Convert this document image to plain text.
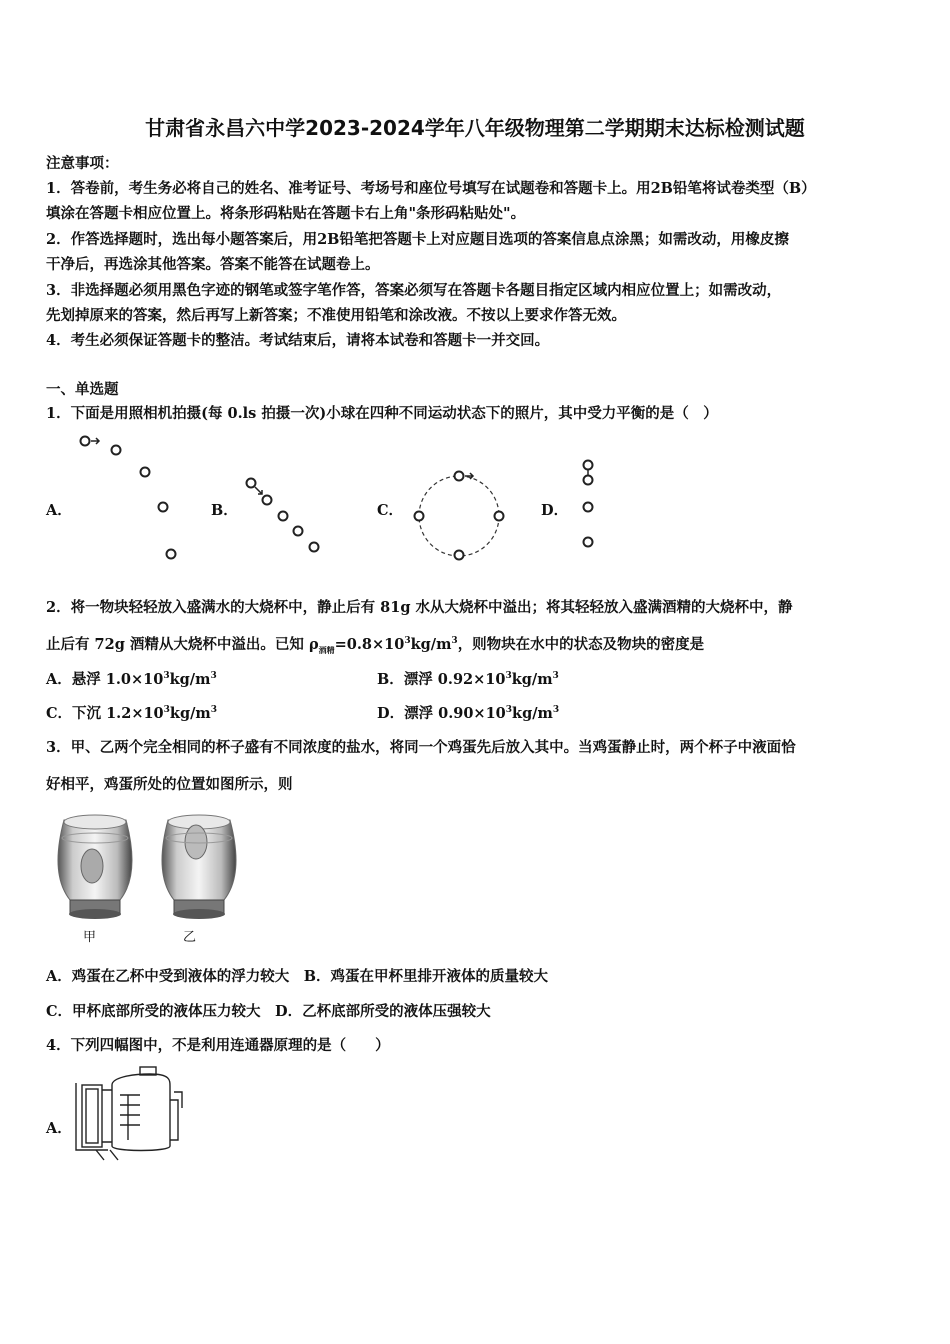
甘肃省永昌六中学2023-2024学年八年级物理第二学期期末达标检测试题
注意事项：
1．答卷前，考生务必将自己的姓名、准考证号、考场号和座位号填写在试题卷和答题卡上。用2B铅笔将试卷类型（B）
填涂在答题卡相应位置上。将条形码粘贴在答题卡右上角"条形码粘贴处"。
2．作答选择题时，选出每小题答案后，用2B铅笔把答题卡上对应题目选项的答案信息点涂黑；如需改动，用橡皮擦
干净后，再选涂其他答案。答案不能答在试题卷上。
3．非选择题必须用黑色字迹的钢笔或签字笔作答，答案必须写在答题卡各题目指定区域内相应位置上；如需改动，
先划掉原来的答案，然后再写上新答案；不准使用铅笔和涂改液。不按以上要求作答无效。
4．考生必须保证答题卡的整洁。考试结束后，请将本试卷和答题卡一并交回。
一、单选题
1．下面是用照相机拍摄(每 0.ls 拍摄一次)小球在四种不同运动状态下的照片，其中受力平衡的是（　）
A．	B．	C．	D．
2．将一物块轻轻放入盛满水的大烧杯中，静止后有 81g 水从大烧杯中溢出；将其轻轻放入盛满酒精的大烧杯中，静
止后有 72g 酒精从大烧杯中溢出。已知 $\rho_{酒精}=0.8\times 10^3kg/m^3$，则物块在水中的状态及物块的密度是
A．悬浮 $1.0\times 10^3kg/m^3$	B．漂浮 $0.92\times 10^3kg/m^3$
C．下沉 $1.2\times 10^3kg/m^3$	D．漂浮 $0.90\times 10^3kg/m^3$
3．甲、乙两个完全相同的杯子盛有不同浓度的盐水，将同一个鸡蛋先后放入其中。当鸡蛋静止时，两个杯子中液面恰
好相平，鸡蛋所处的位置如图所示，则
甲	乙
A．鸡蛋在乙杯中受到液体的浮力较大　B．鸡蛋在甲杯里排开液体的质量较大
C．甲杯底部所受的液体压力较大　D．乙杯底部所受的液体压强较大
4．下列四幅图中，不是利用连通器原理的是（　　）
A．
